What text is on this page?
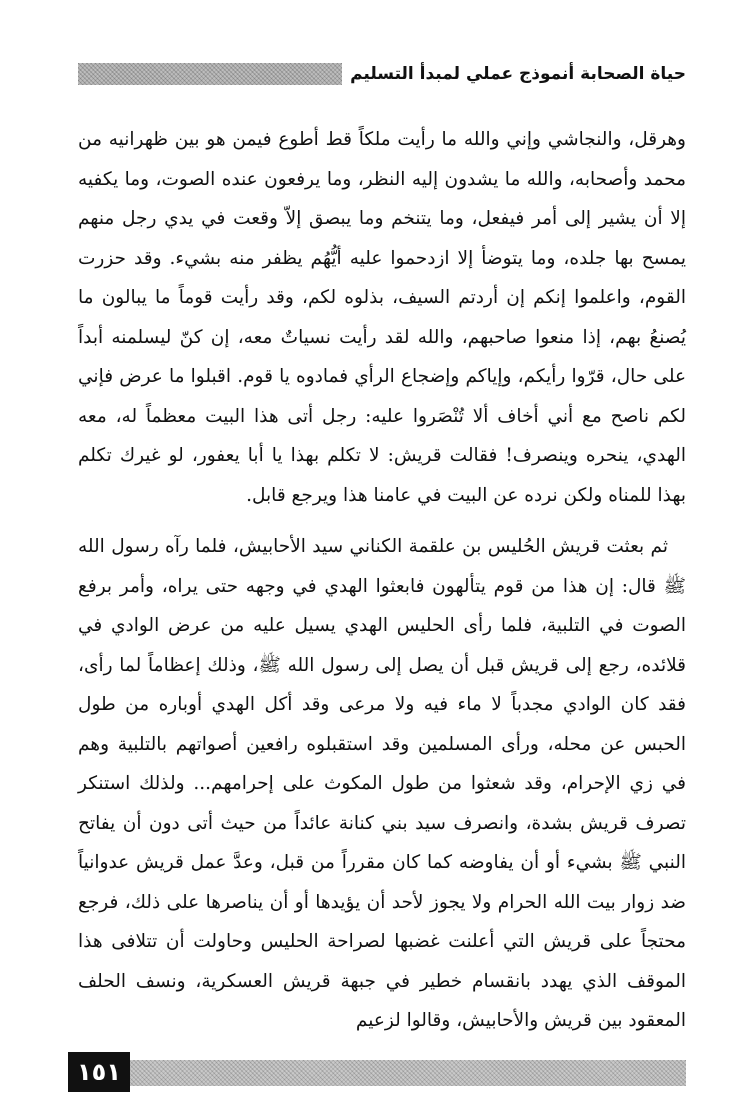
حياة الصحابة أنموذج عملي لمبدأ التسليم

وهرقل، والنجاشي وإني والله ما رأيت ملكاً قط أطوع فيمن هو بين ظهرانيه من محمد وأصحابه، والله ما يشدون إليه النظر، وما يرفعون عنده الصوت، وما يكفيه إلا أن يشير إلى أمر فيفعل، وما يتنخم وما يبصق إلاّ وقعت في يدي رجل منهم يمسح بها جلده، وما يتوضأ إلا ازدحموا عليه أيُّهُم يظفر منه بشيء. وقد حزرت القوم، واعلموا إنكم إن أردتم السيف، بذلوه لكم، وقد رأيت قوماً ما يبالون ما يُصنعُ بهم، إذا منعوا صاحبهم، والله لقد رأيت نسياتٌ معه، إن كنّ ليسلمنه أبداً على حال، قرّوا رأيكم، وإياكم وإضجاع الرأي فمادوه يا قوم. اقبلوا ما عرض فإني لكم ناصح مع أني أخاف ألا تُنْصَروا عليه: رجل أتى هذا البيت معظماً له، معه الهدي، ينحره وينصرف! فقالت قريش: لا تكلم بهذا يا أبا يعفور، لو غيرك تكلم بهذا للمناه ولكن نرده عن البيت في عامنا هذا ويرجع قابل.

ثم بعثت قريش الحُليس بن علقمة الكناني سيد الأحابيش، فلما رآه رسول الله ﷺ قال: إن هذا من قوم يتألهون فابعثوا الهدي في وجهه حتى يراه، وأمر برفع الصوت في التلبية، فلما رأى الحليس الهدي يسيل عليه من عرض الوادي في قلائده، رجع إلى قريش قبل أن يصل إلى رسول الله ﷺ، وذلك إعظاماً لما رأى، فقد كان الوادي مجدباً لا ماء فيه ولا مرعى وقد أكل الهدي أوباره من طول الحبس عن محله، ورأى المسلمين وقد استقبلوه رافعين أصواتهم بالتلبية وهم في زي الإحرام، وقد شعثوا من طول المكوث على إحرامهم... ولذلك استنكر تصرف قريش بشدة، وانصرف سيد بني كنانة عائداً من حيث أتى دون أن يفاتح النبي ﷺ بشيء أو أن يفاوضه كما كان مقرراً من قبل، وعدَّ عمل قريش عدوانياً ضد زوار بيت الله الحرام ولا يجوز لأحد أن يؤيدها أو أن يناصرها على ذلك، فرجع محتجاً على قريش التي أعلنت غضبها لصراحة الحليس وحاولت أن تتلافى هذا الموقف الذي يهدد بانقسام خطير في جبهة قريش العسكرية، ونسف الحلف المعقود بين قريش والأحابيش، وقالوا لزعيم

١٥١
